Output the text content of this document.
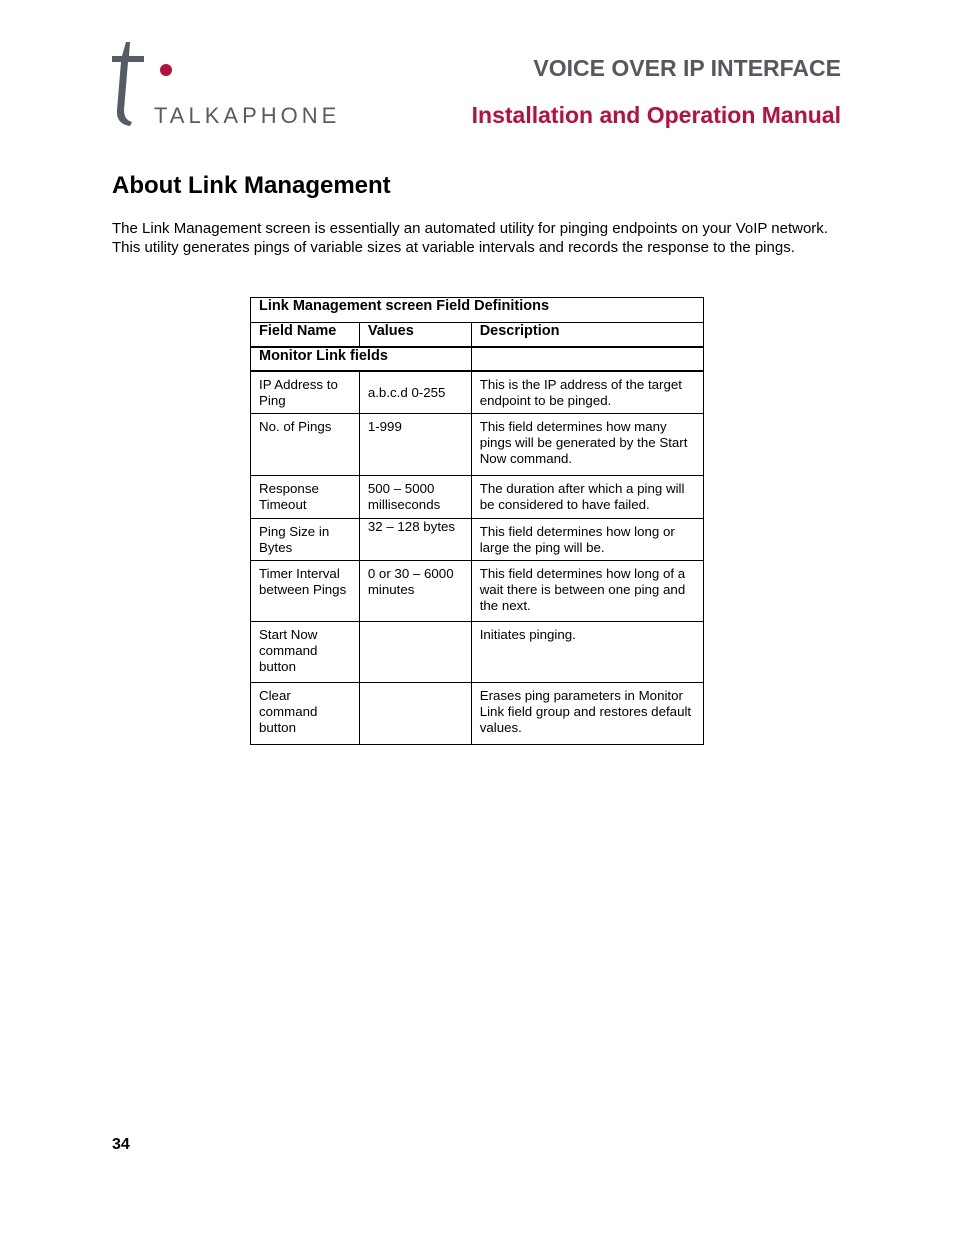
TALKAPHONE
VOICE OVER IP INTERFACE
Installation and Operation Manual
About Link Management

The Link Management screen is essentially an automated utility for pinging endpoints on your VoIP network. This utility generates pings of variable sizes at variable intervals and records the response to the pings.

Link Management screen Field Definitions		
Field Name	Values	Description
Monitor Link fields		
IP Address to Ping	a.b.c.d 0-255	This is the IP address of the target endpoint to be pinged.
No. of Pings	1-999	This field determines how many pings will be generated by the Start Now command.
Response Timeout	500 – 5000 milliseconds	The duration after which a ping will be considered to have failed.
Ping Size in Bytes	32 – 128 bytes	This field determines how long or large the ping will be.
Timer Interval between Pings	0 or 30 – 6000 minutes	This field determines how long of a wait there is between one ping and the next.
Start Now command button		Initiates pinging.
Clear command button		Erases ping parameters in Monitor Link field group and restores default values.
34
